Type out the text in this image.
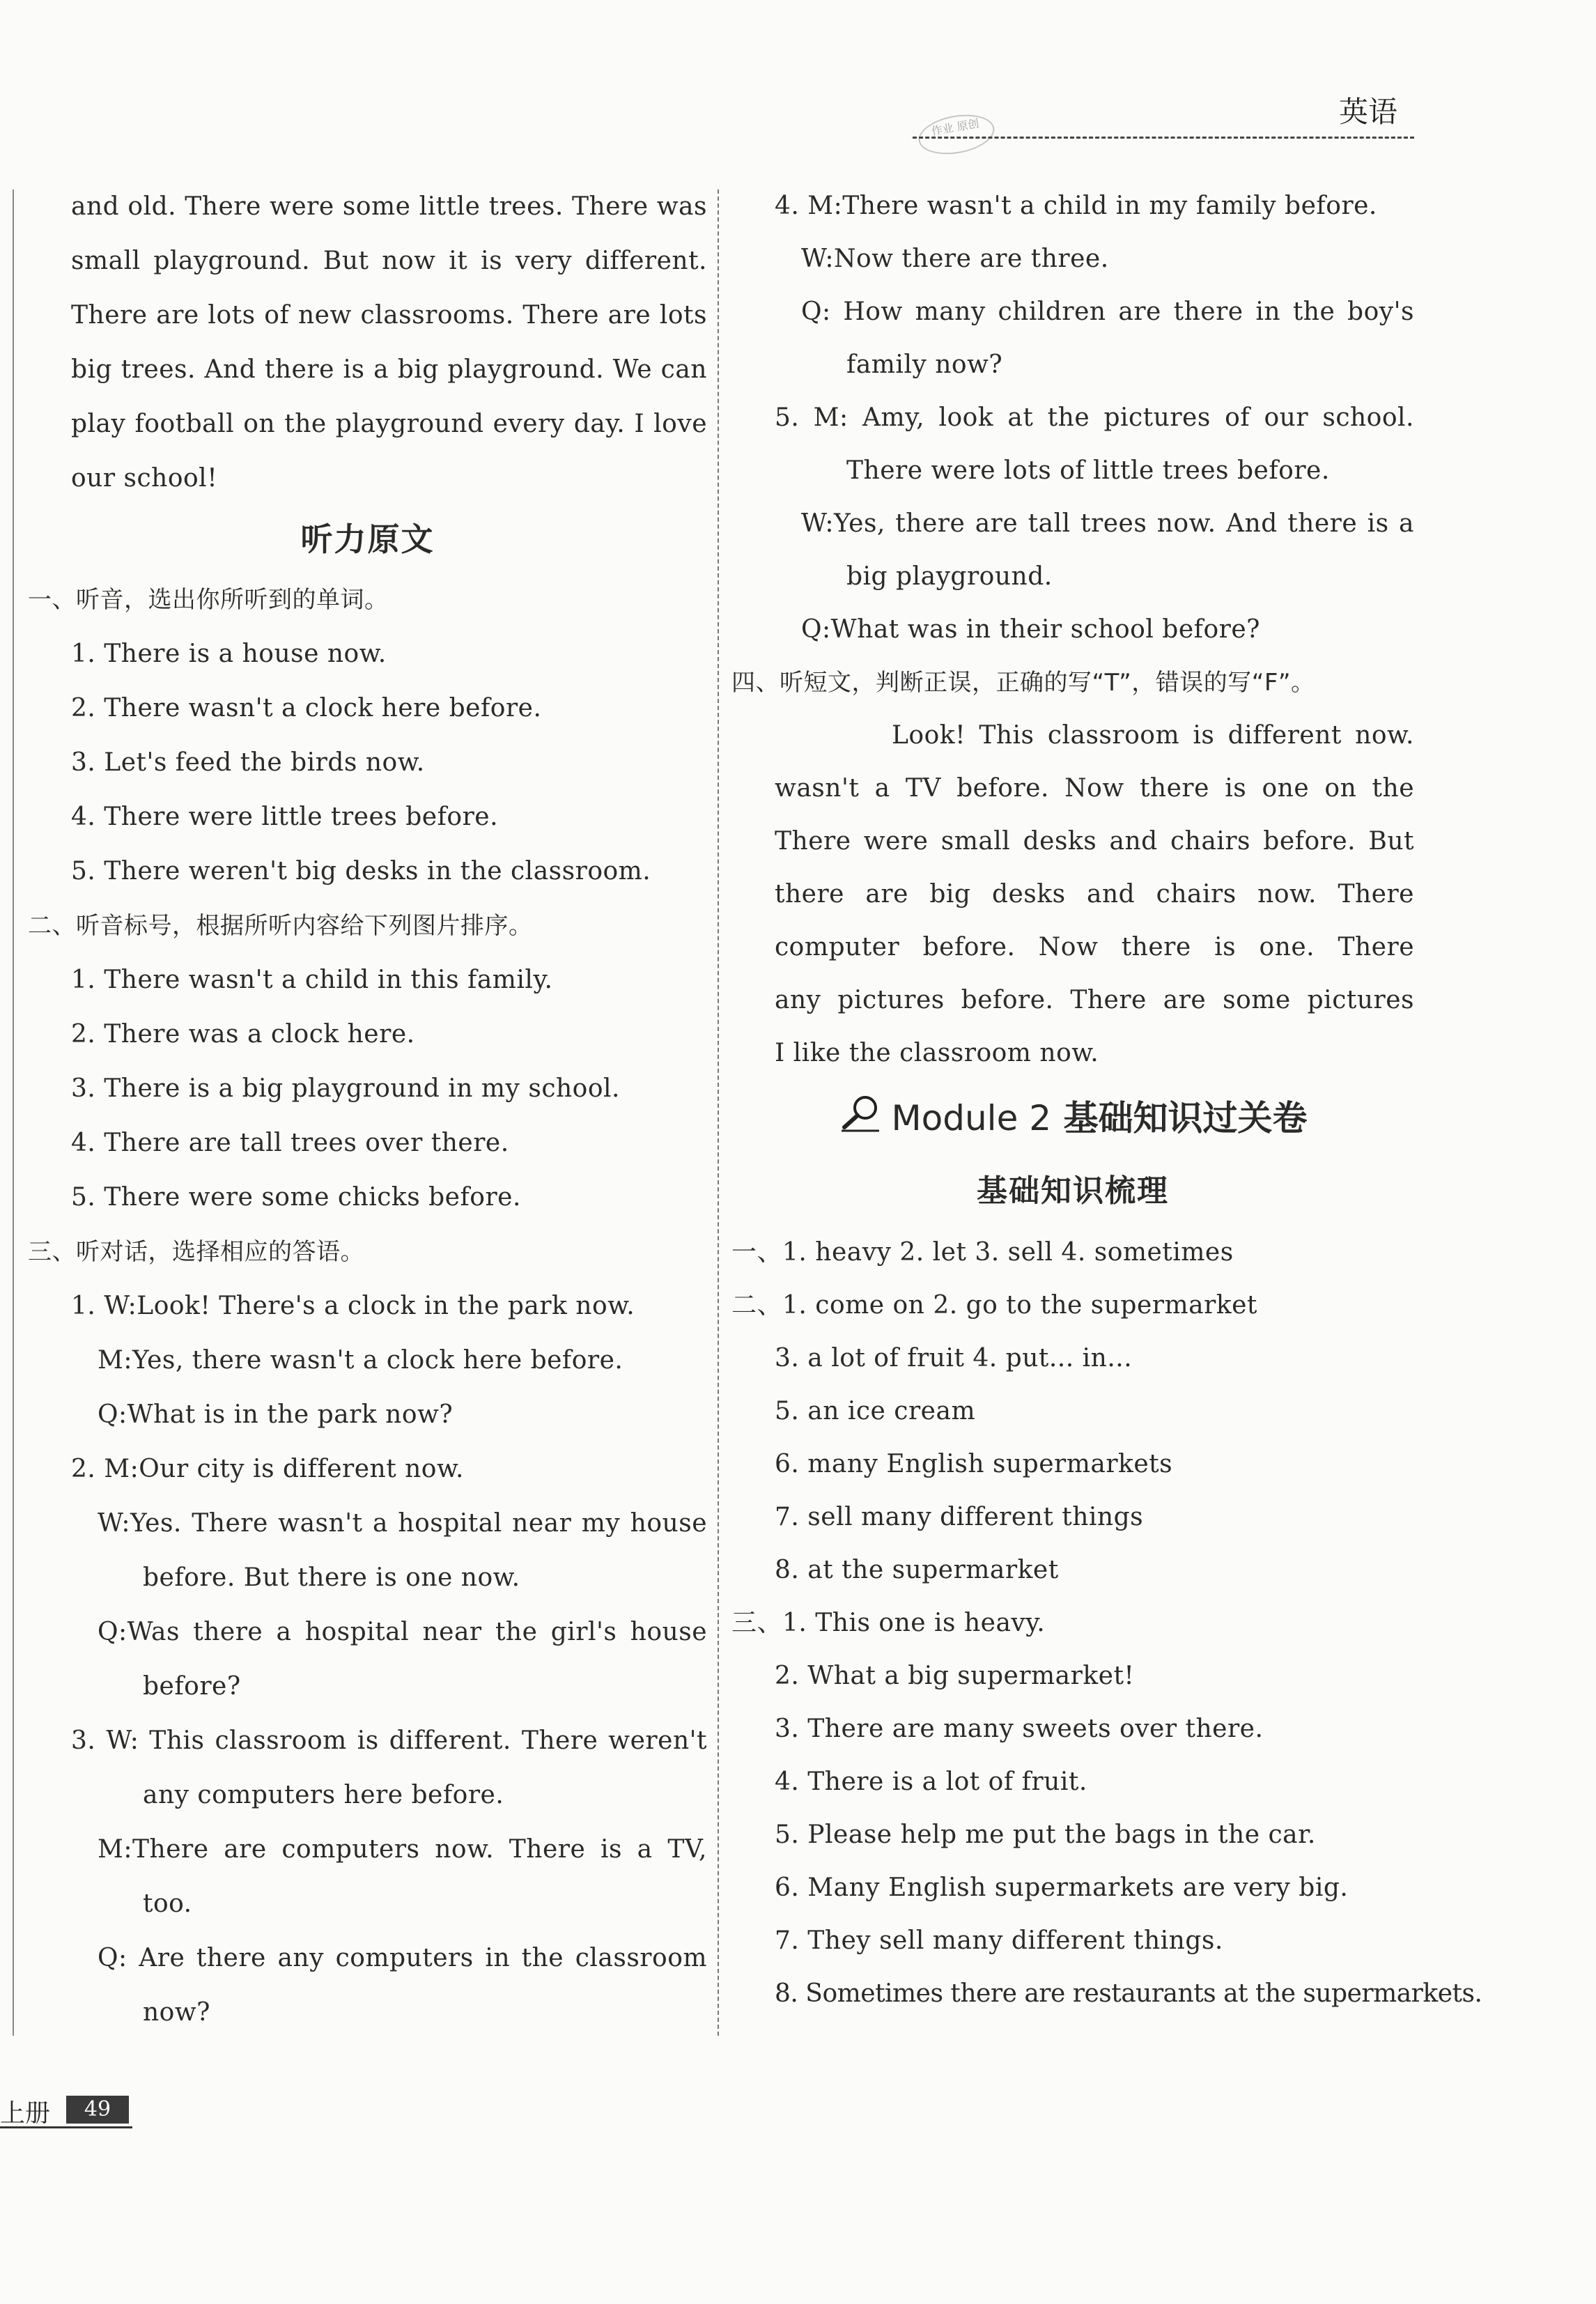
英语
作业 原创
and old. There were some little trees. There was
small playground. But now it is very different.
There are lots of new classrooms. There are lots
big trees. And there is a big playground. We can
play football on the playground every day. I love
our school!
听力原文
一、听音，选出你所听到的单词。
1. There is a house now.
2. There wasn't a clock here before.
3. Let's feed the birds now.
4. There were little trees before.
5. There weren't big desks in the classroom.
二、听音标号，根据所听内容给下列图片排序。
1. There wasn't a child in this family.
2. There was a clock here.
3. There is a big playground in my school.
4. There are tall trees over there.
5. There were some chicks before.
三、听对话，选择相应的答语。
1. W:Look! There's a clock in the park now.
M:Yes, there wasn't a clock here before.
Q:What is in the park now?
2. M:Our city is different now.
W:Yes. There wasn't a hospital near my house
before. But there is one now.
Q:Was there a hospital near the girl's house
before?
3. W: This classroom is different. There weren't
any computers here before.
M:There are computers now. There is a TV,
too.
Q: Are there any computers in the classroom
now?
4. M:There wasn't a child in my family before.
W:Now there are three.
Q: How many children are there in the boy's
family now?
5. M: Amy, look at the pictures of our school.
There were lots of little trees before.
W:Yes, there are tall trees now. And there is a
big playground.
Q:What was in their school before?
四、听短文，判断正误，正确的写“T”，错误的写“F”。
Look! This classroom is different now.
wasn't a TV before. Now there is one on the
There were small desks and chairs before. But
there are big desks and chairs now. There
computer before. Now there is one. There
any pictures before. There are some pictures
I like the classroom now.
Module 2 基础知识过关卷
基础知识梳理
一、1. heavy 2. let 3. sell 4. sometimes
二、1. come on 2. go to the supermarket
3. a lot of fruit 4. put... in...
5. an ice cream
6. many English supermarkets
7. sell many different things
8. at the supermarket
三、1. This one is heavy.
2. What a big supermarket!
3. There are many sweets over there.
4. There is a lot of fruit.
5. Please help me put the bags in the car.
6. Many English supermarkets are very big.
7. They sell many different things.
8. Sometimes there are restaurants at the supermarkets.
上册	49
